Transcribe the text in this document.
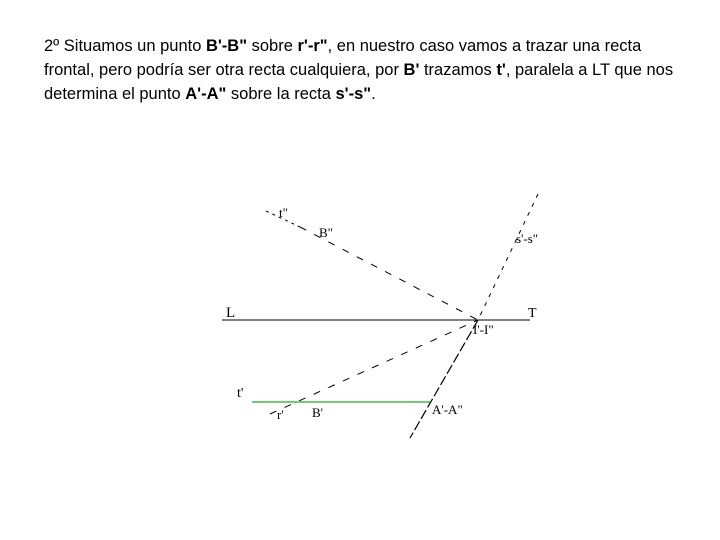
2º Situamos un punto B'-B" sobre r'-r", en nuestro caso vamos a trazar una recta frontal, pero podría ser otra recta cualquiera, por B' trazamos t', paralela a LT que nos determina el punto A'-A" sobre la recta s'-s".
t"
B"	s'-s"
L	T
I'-I"
t'
r' B'	A'-A"
